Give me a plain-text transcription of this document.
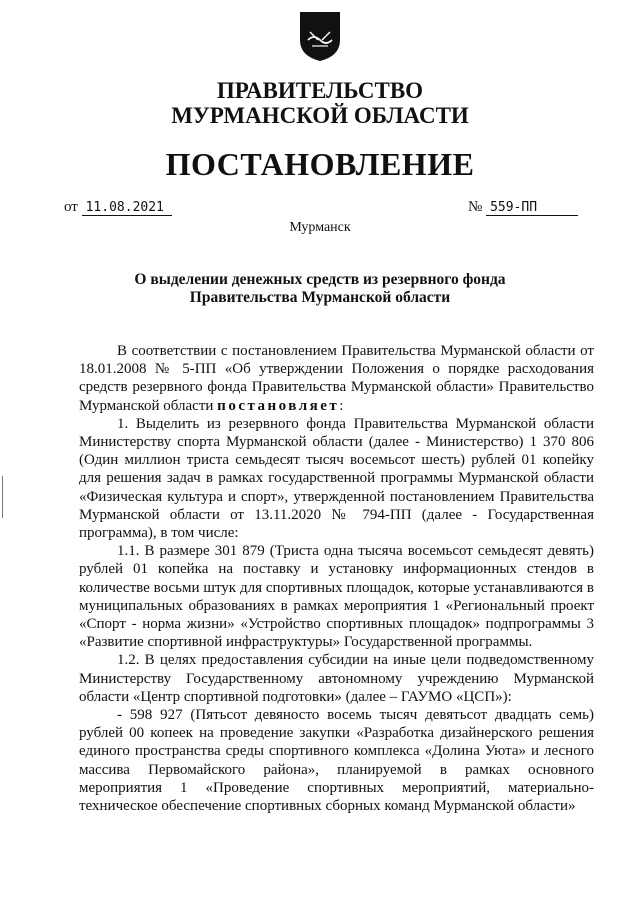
ПРАВИТЕЛЬСТВО
МУРМАНСКОЙ ОБЛАСТИ
ПОСТАНОВЛЕНИЕ
от 11.08.2021	№ 559-ПП
Мурманск
О выделении денежных средств из резервного фонда
Правительства Мурманской области

В соответствии с постановлением Правительства Мурманской области от 18.01.2008 № 5-ПП «Об утверждении Положения о порядке расходования средств резервного фонда Правительства Мурманской области» Правительство Мурманской области постановляет:

1. Выделить из резервного фонда Правительства Мурманской области Министерству спорта Мурманской области (далее - Министерство) 1 370 806 (Один миллион триста семьдесят тысяч восемьсот шесть) рублей 01 копейку для решения задач в рамках государственной программы Мурманской области «Физическая культура и спорт», утвержденной постановлением Правительства Мурманской области от 13.11.2020 № 794-ПП (далее - Государственная программа), в том числе:

1.1. В размере 301 879 (Триста одна тысяча восемьсот семьдесят девять) рублей 01 копейка на поставку и установку информационных стендов в количестве восьми штук для спортивных площадок, которые устанавливаются в муниципальных образованиях в рамках мероприятия 1 «Региональный проект «Спорт - норма жизни» «Устройство спортивных площадок» подпрограммы 3 «Развитие спортивной инфраструктуры» Государственной программы.

1.2. В целях предоставления субсидии на иные цели подведомственному Министерству Государственному автономному учреждению Мурманской области «Центр спортивной подготовки» (далее – ГАУМО «ЦСП»):

- 598 927 (Пятьсот девяносто восемь тысяч девятьсот двадцать семь) рублей 00 копеек на проведение закупки «Разработка дизайнерского решения единого пространства среды спортивного комплекса «Долина Уюта» и лесного массива Первомайского района», планируемой в рамках основного мероприятия 1 «Проведение спортивных мероприятий, материально-техническое обеспечение спортивных сборных команд Мурманской области»
